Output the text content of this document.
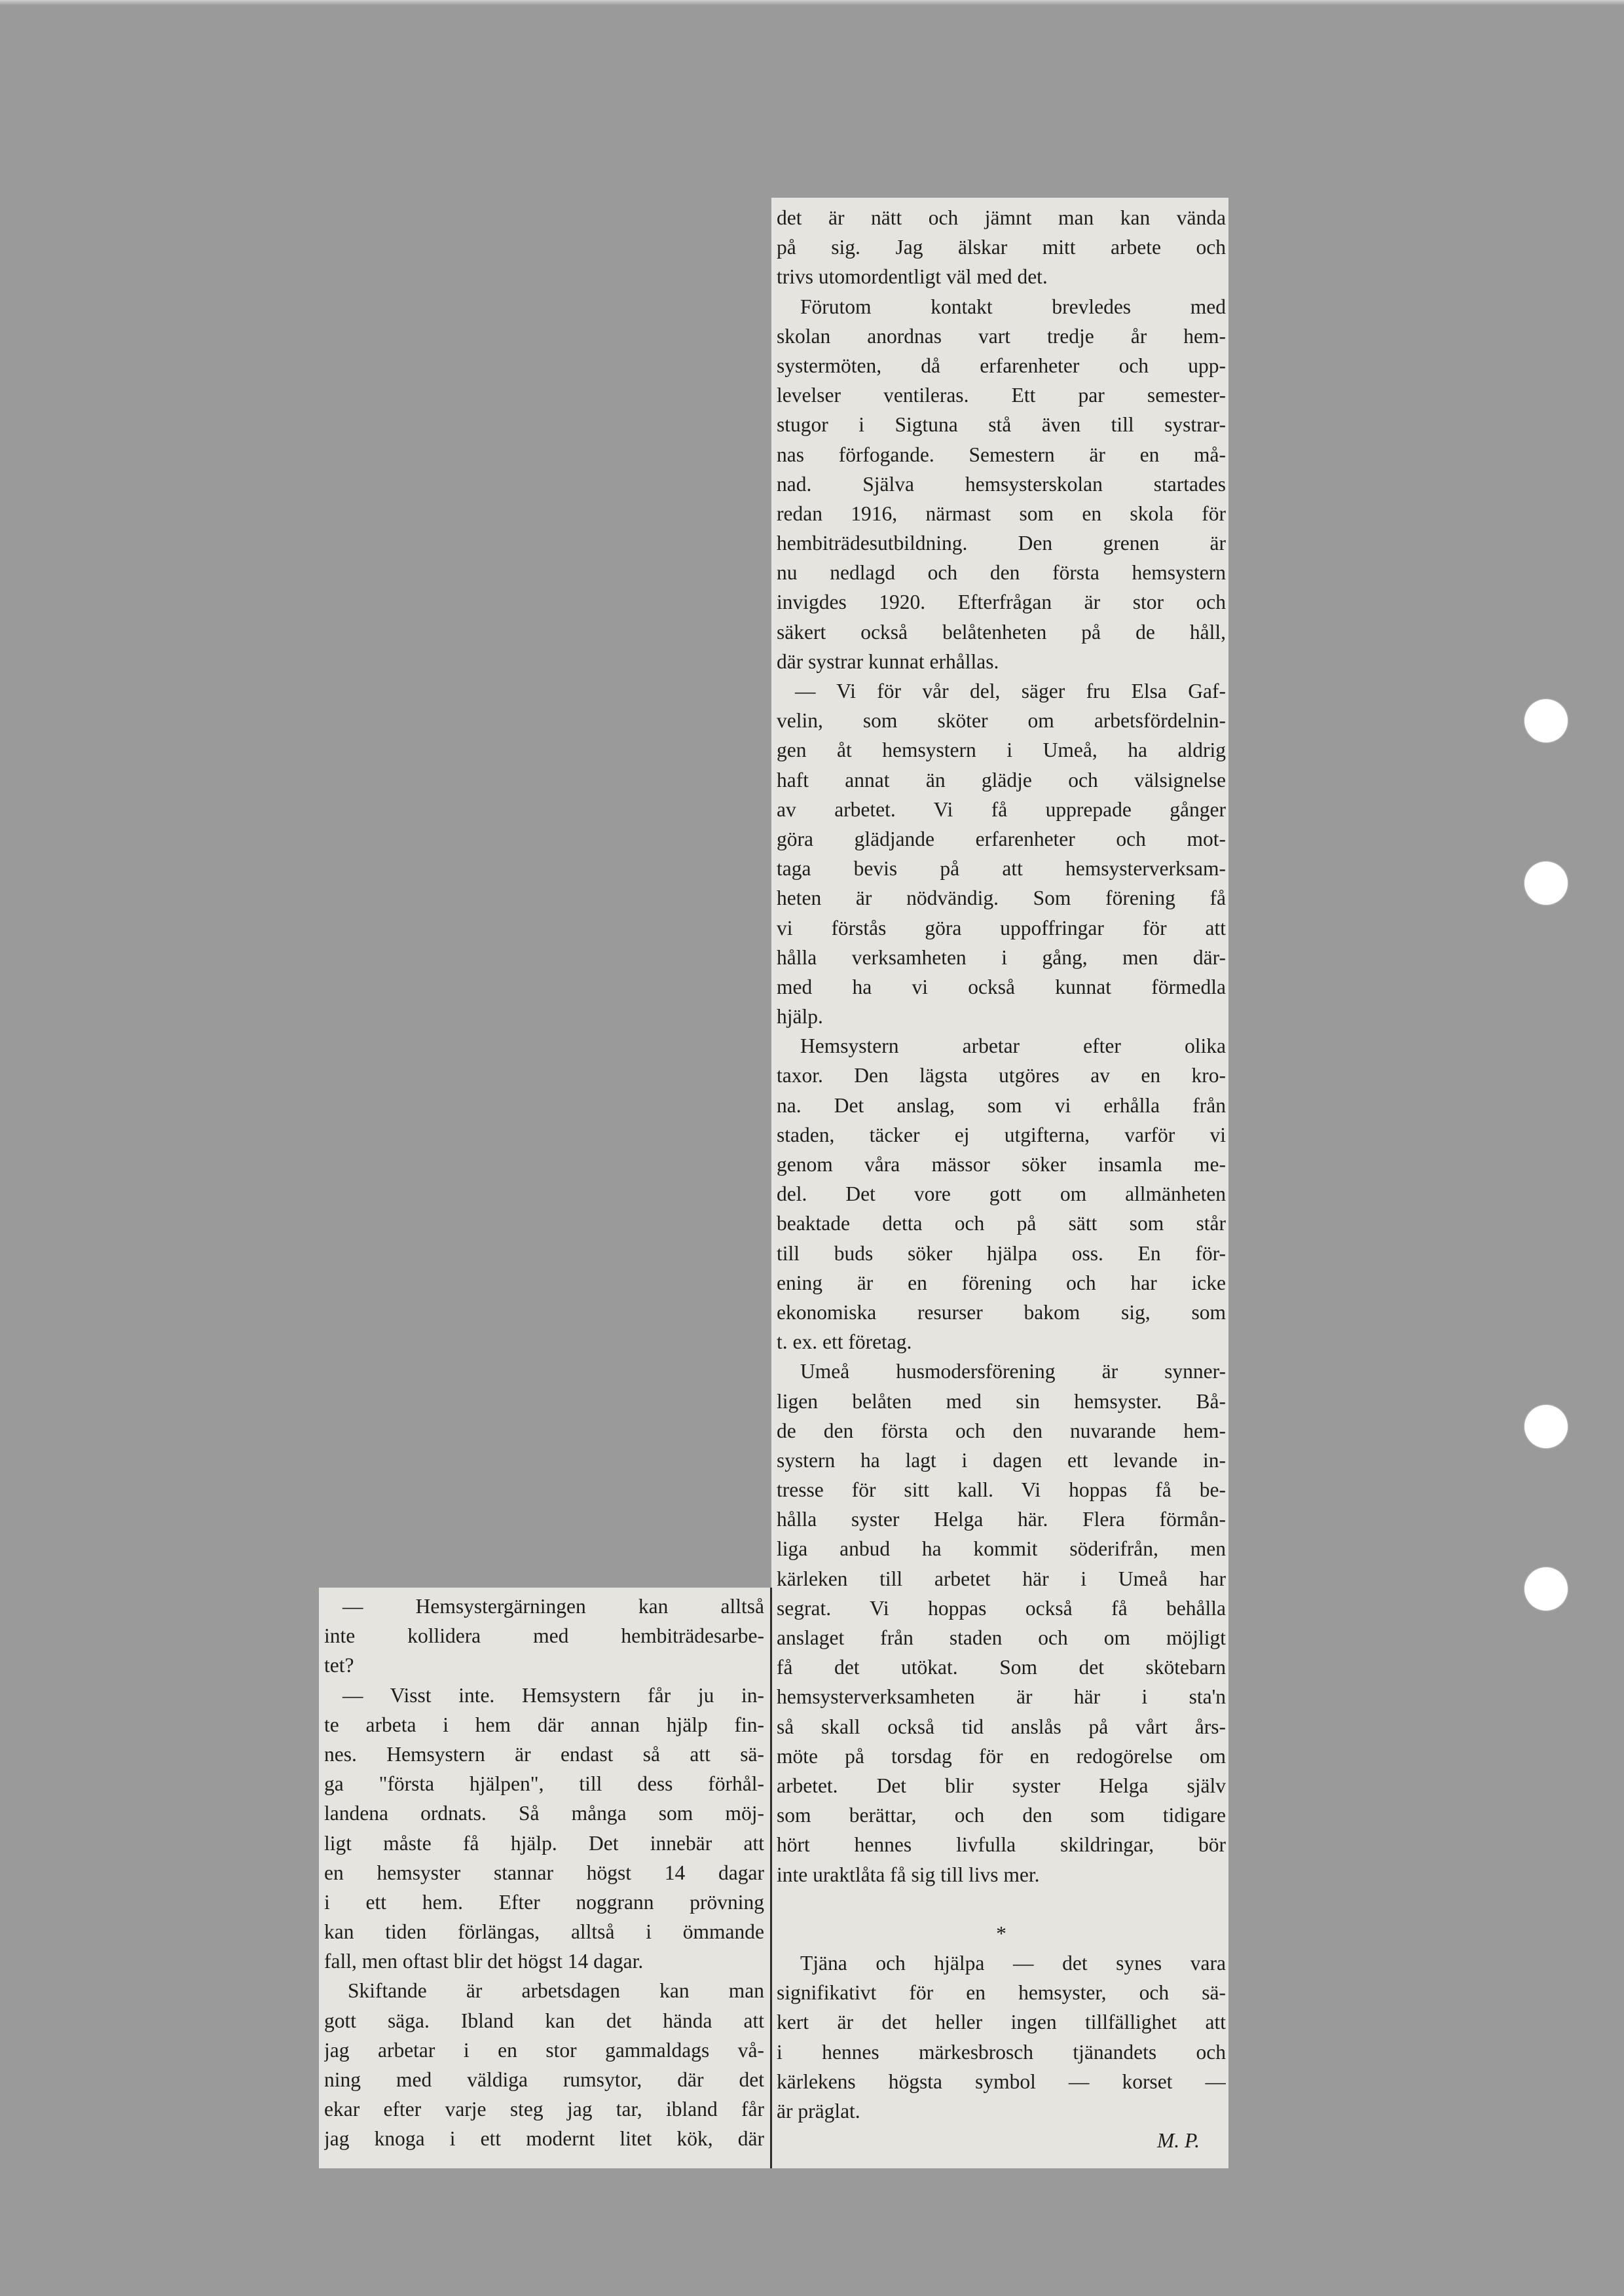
det är nätt och jämnt man kan vända
på sig. Jag älskar mitt arbete och
trivs utomordentligt väl med det.
Förutom kontakt brevledes med
skolan anordnas vart tredje år hem-
systermöten, då erfarenheter och upp-
levelser ventileras. Ett par semester-
stugor i Sigtuna stå även till systrar-
nas förfogande. Semestern är en må-
nad. Själva hemsysterskolan startades
redan 1916, närmast som en skola för
hembiträdesutbildning. Den grenen är
nu nedlagd och den första hemsystern
invigdes 1920. Efterfrågan är stor och
säkert också belåtenheten på de håll,
där systrar kunnat erhållas.
— Vi för vår del, säger fru Elsa Gaf-
velin, som sköter om arbetsfördelnin-
gen åt hemsystern i Umeå, ha aldrig
haft annat än glädje och välsignelse
av arbetet. Vi få upprepade gånger
göra glädjande erfarenheter och mot-
taga bevis på att hemsysterverksam-
heten är nödvändig. Som förening få
vi förstås göra uppoffringar för att
hålla verksamheten i gång, men där-
med ha vi också kunnat förmedla
hjälp.
Hemsystern arbetar efter olika
taxor. Den lägsta utgöres av en kro-
na. Det anslag, som vi erhålla från
staden, täcker ej utgifterna, varför vi
genom våra mässor söker insamla me-
del. Det vore gott om allmänheten
beaktade detta och på sätt som står
till buds söker hjälpa oss. En för-
ening är en förening och har icke
ekonomiska resurser bakom sig, som
t. ex. ett företag.
Umeå husmodersförening är synner-
ligen belåten med sin hemsyster. Bå-
de den första och den nuvarande hem-
systern ha lagt i dagen ett levande in-
tresse för sitt kall. Vi hoppas få be-
hålla syster Helga här. Flera förmån-
liga anbud ha kommit söderifrån, men
kärleken till arbetet här i Umeå har
segrat. Vi hoppas också få behålla
anslaget från staden och om möjligt
få det utökat. Som det skötebarn
hemsysterverksamheten är här i sta'n
så skall också tid anslås på vårt års-
möte på torsdag för en redogörelse om
arbetet. Det blir syster Helga själv
som berättar, och den som tidigare
hört hennes livfulla skildringar, bör
inte uraktlåta få sig till livs mer.
*
Tjäna och hjälpa — det synes vara
signifikativt för en hemsyster, och sä-
kert är det heller ingen tillfällighet att
i hennes märkesbrosch tjänandets och
kärlekens högsta symbol — korset —
är präglat.
M. P.
— Hemsystergärningen kan alltså
inte kollidera med hembiträdesarbe-
tet?
— Visst inte. Hemsystern får ju in-
te arbeta i hem där annan hjälp fin-
nes. Hemsystern är endast så att sä-
ga "första hjälpen", till dess förhål-
landena ordnats. Så många som möj-
ligt måste få hjälp. Det innebär att
en hemsyster stannar högst 14 dagar
i ett hem. Efter noggrann prövning
kan tiden förlängas, alltså i ömmande
fall, men oftast blir det högst 14 dagar.
Skiftande är arbetsdagen kan man
gott säga. Ibland kan det hända att
jag arbetar i en stor gammaldags vå-
ning med väldiga rumsytor, där det
ekar efter varje steg jag tar, ibland får
jag knoga i ett modernt litet kök, där
